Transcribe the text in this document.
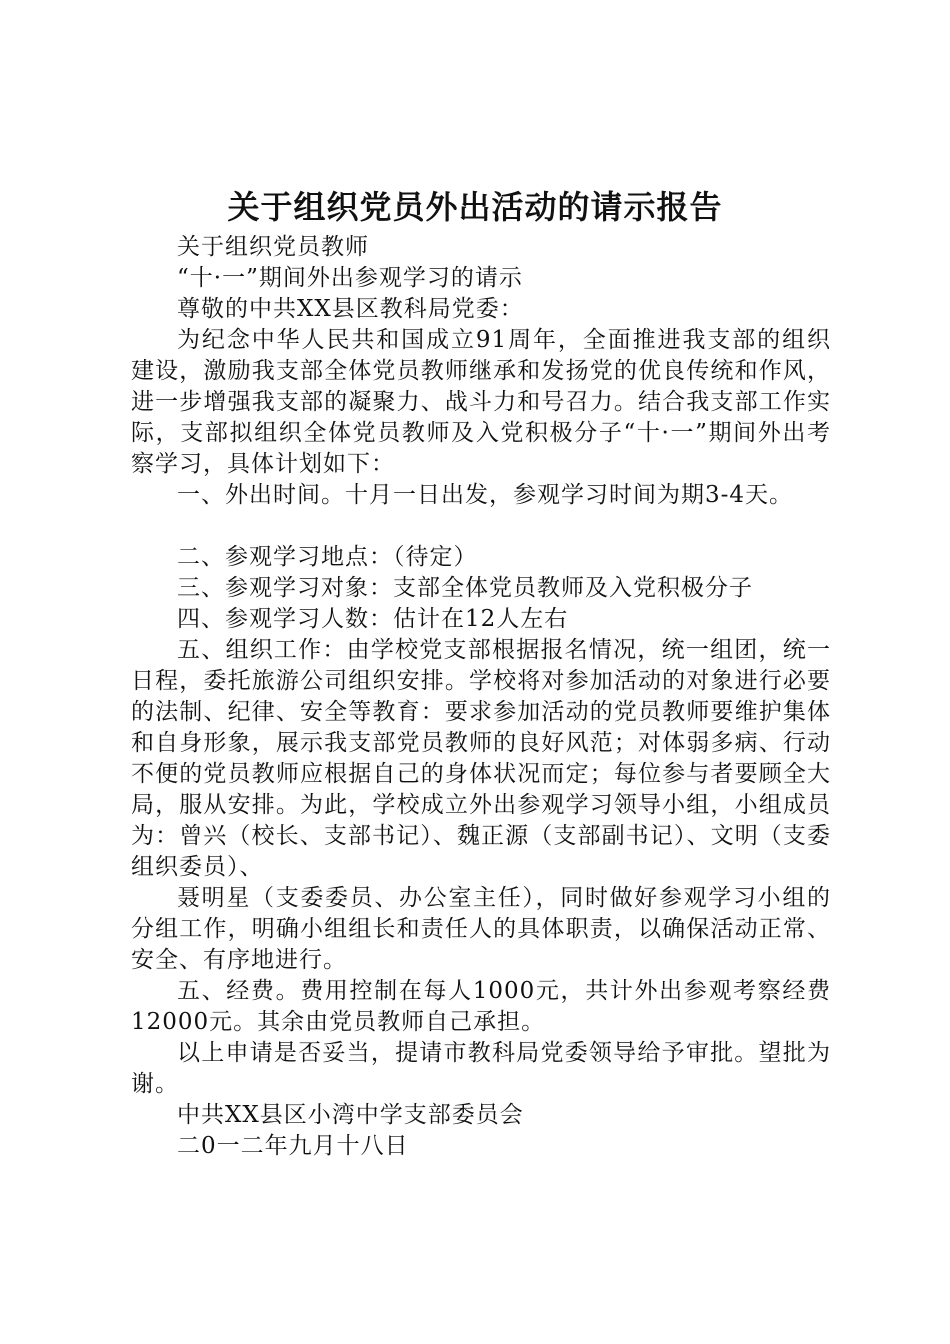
关于组织党员外出活动的请示报告

关于组织党员教师

“十·一”期间外出参观学习的请示

尊敬的中共XX县区教科局党委：

为纪念中华人民共和国成立91周年，全面推进我支部的组织建设，激励我支部全体党员教师继承和发扬党的优良传统和作风，进一步增强我支部的凝聚力、战斗力和号召力。结合我支部工作实际，支部拟组织全体党员教师及入党积极分子“十·一”期间外出考察学习，具体计划如下：

一、外出时间。十月一日出发，参观学习时间为期3-4天。

二、参观学习地点：（待定）

三、参观学习对象：支部全体党员教师及入党积极分子

四、参观学习人数：估计在12人左右

五、组织工作：由学校党支部根据报名情况，统一组团，统一日程，委托旅游公司组织安排。学校将对参加活动的对象进行必要的法制、纪律、安全等教育：要求参加活动的党员教师要维护集体和自身形象，展示我支部党员教师的良好风范；对体弱多病、行动不便的党员教师应根据自己的身体状况而定；每位参与者要顾全大局，服从安排。为此，学校成立外出参观学习领导小组，小组成员为：曾兴（校长、支部书记）、魏正源（支部副书记）、文明（支委组织委员）、

聂明星（支委委员、办公室主任），同时做好参观学习小组的分组工作，明确小组组长和责任人的具体职责，以确保活动正常、安全、有序地进行。

五、经费。费用控制在每人1000元，共计外出参观考察经费12000元。其余由党员教师自己承担。

以上申请是否妥当，提请市教科局党委领导给予审批。望批为谢。

中共XX县区小湾中学支部委员会

二0一二年九月十八日
